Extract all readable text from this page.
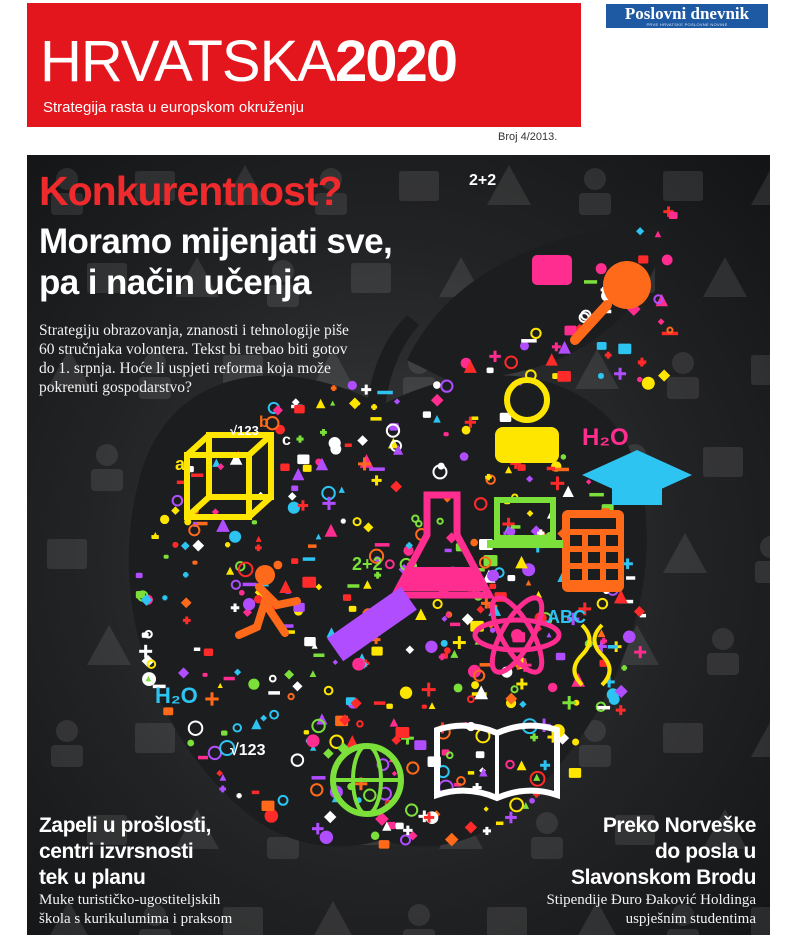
HRVATSKA2020
Strategija rasta u europskom okruženju
Poslovni dnevnik
PRVE HRVATSKE POSLOVNE NOVINE
Broj 4/2013.
H₂O
H₂O
ABC
2+2
2+2
√123
√123
a
b
c
Konkurentnost?
Moramo mijenjati sve,
pa i način učenja
Strategiju obrazovanja, znanosti i tehnologije piše 60 stručnjaka volontera. Tekst bi trebao biti gotov do 1. srpnja. Hoće li uspjeti reforma koja može pokrenuti gospodarstvo?
Zapeli u prošlosti,
centri izvrsnosti
tek u planu
Muke turističko-ugostiteljskih
škola s kurikulumima i praksom
Preko Norveške
do posla u
Slavonskom Brodu
Stipendije Đuro Đaković Holdinga
uspješnim studentima
